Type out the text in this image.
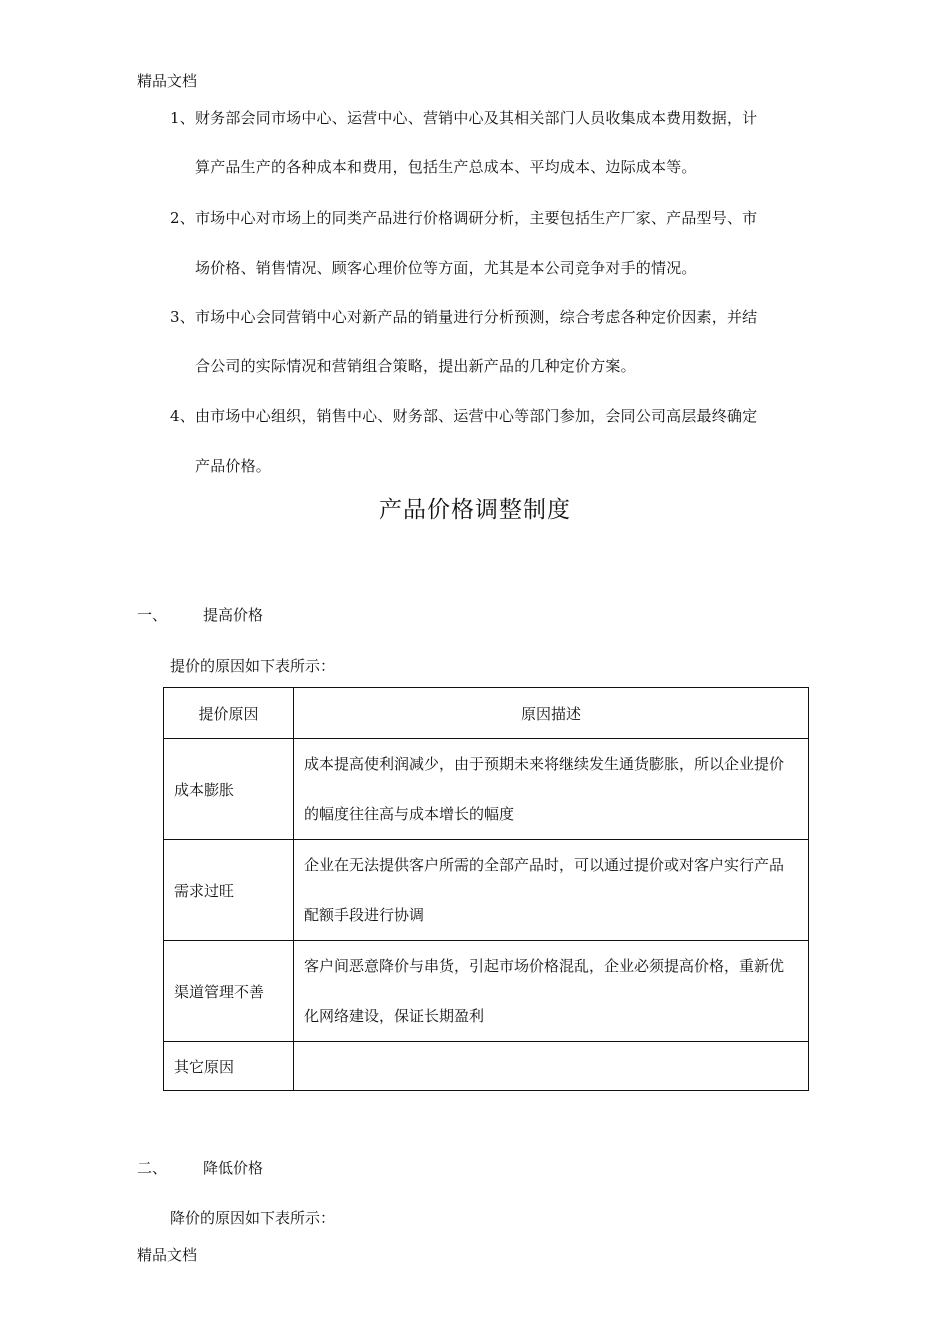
精品文档
1、财务部会同市场中心、运营中心、营销中心及其相关部门人员收集成本费用数据，计
算产品生产的各种成本和费用，包括生产总成本、平均成本、边际成本等。
2、市场中心对市场上的同类产品进行价格调研分析，主要包括生产厂家、产品型号、市
场价格、销售情况、顾客心理价位等方面，尤其是本公司竞争对手的情况。
3、市场中心会同营销中心对新产品的销量进行分析预测，综合考虑各种定价因素，并结
合公司的实际情况和营销组合策略，提出新产品的几种定价方案。
4、由市场中心组织，销售中心、财务部、运营中心等部门参加，会同公司高层最终确定
产品价格。
产品价格调整制度
一、 提高价格
提价的原因如下表所示：
提价原因	原因描述
成本膨胀	成本提高使利润减少，由于预期未来将继续发生通货膨胀，所以企业提价的幅度往往高与成本增长的幅度

需求过旺	企业在无法提供客户所需的全部产品时，可以通过提价或对客户实行产品配额手段进行协调

渠道管理不善	客户间恶意降价与串货，引起市场价格混乱，企业必须提高价格，重新优化网络建设，保证长期盈利

其它原因	
二、 降低价格
降价的原因如下表所示：
精品文档
